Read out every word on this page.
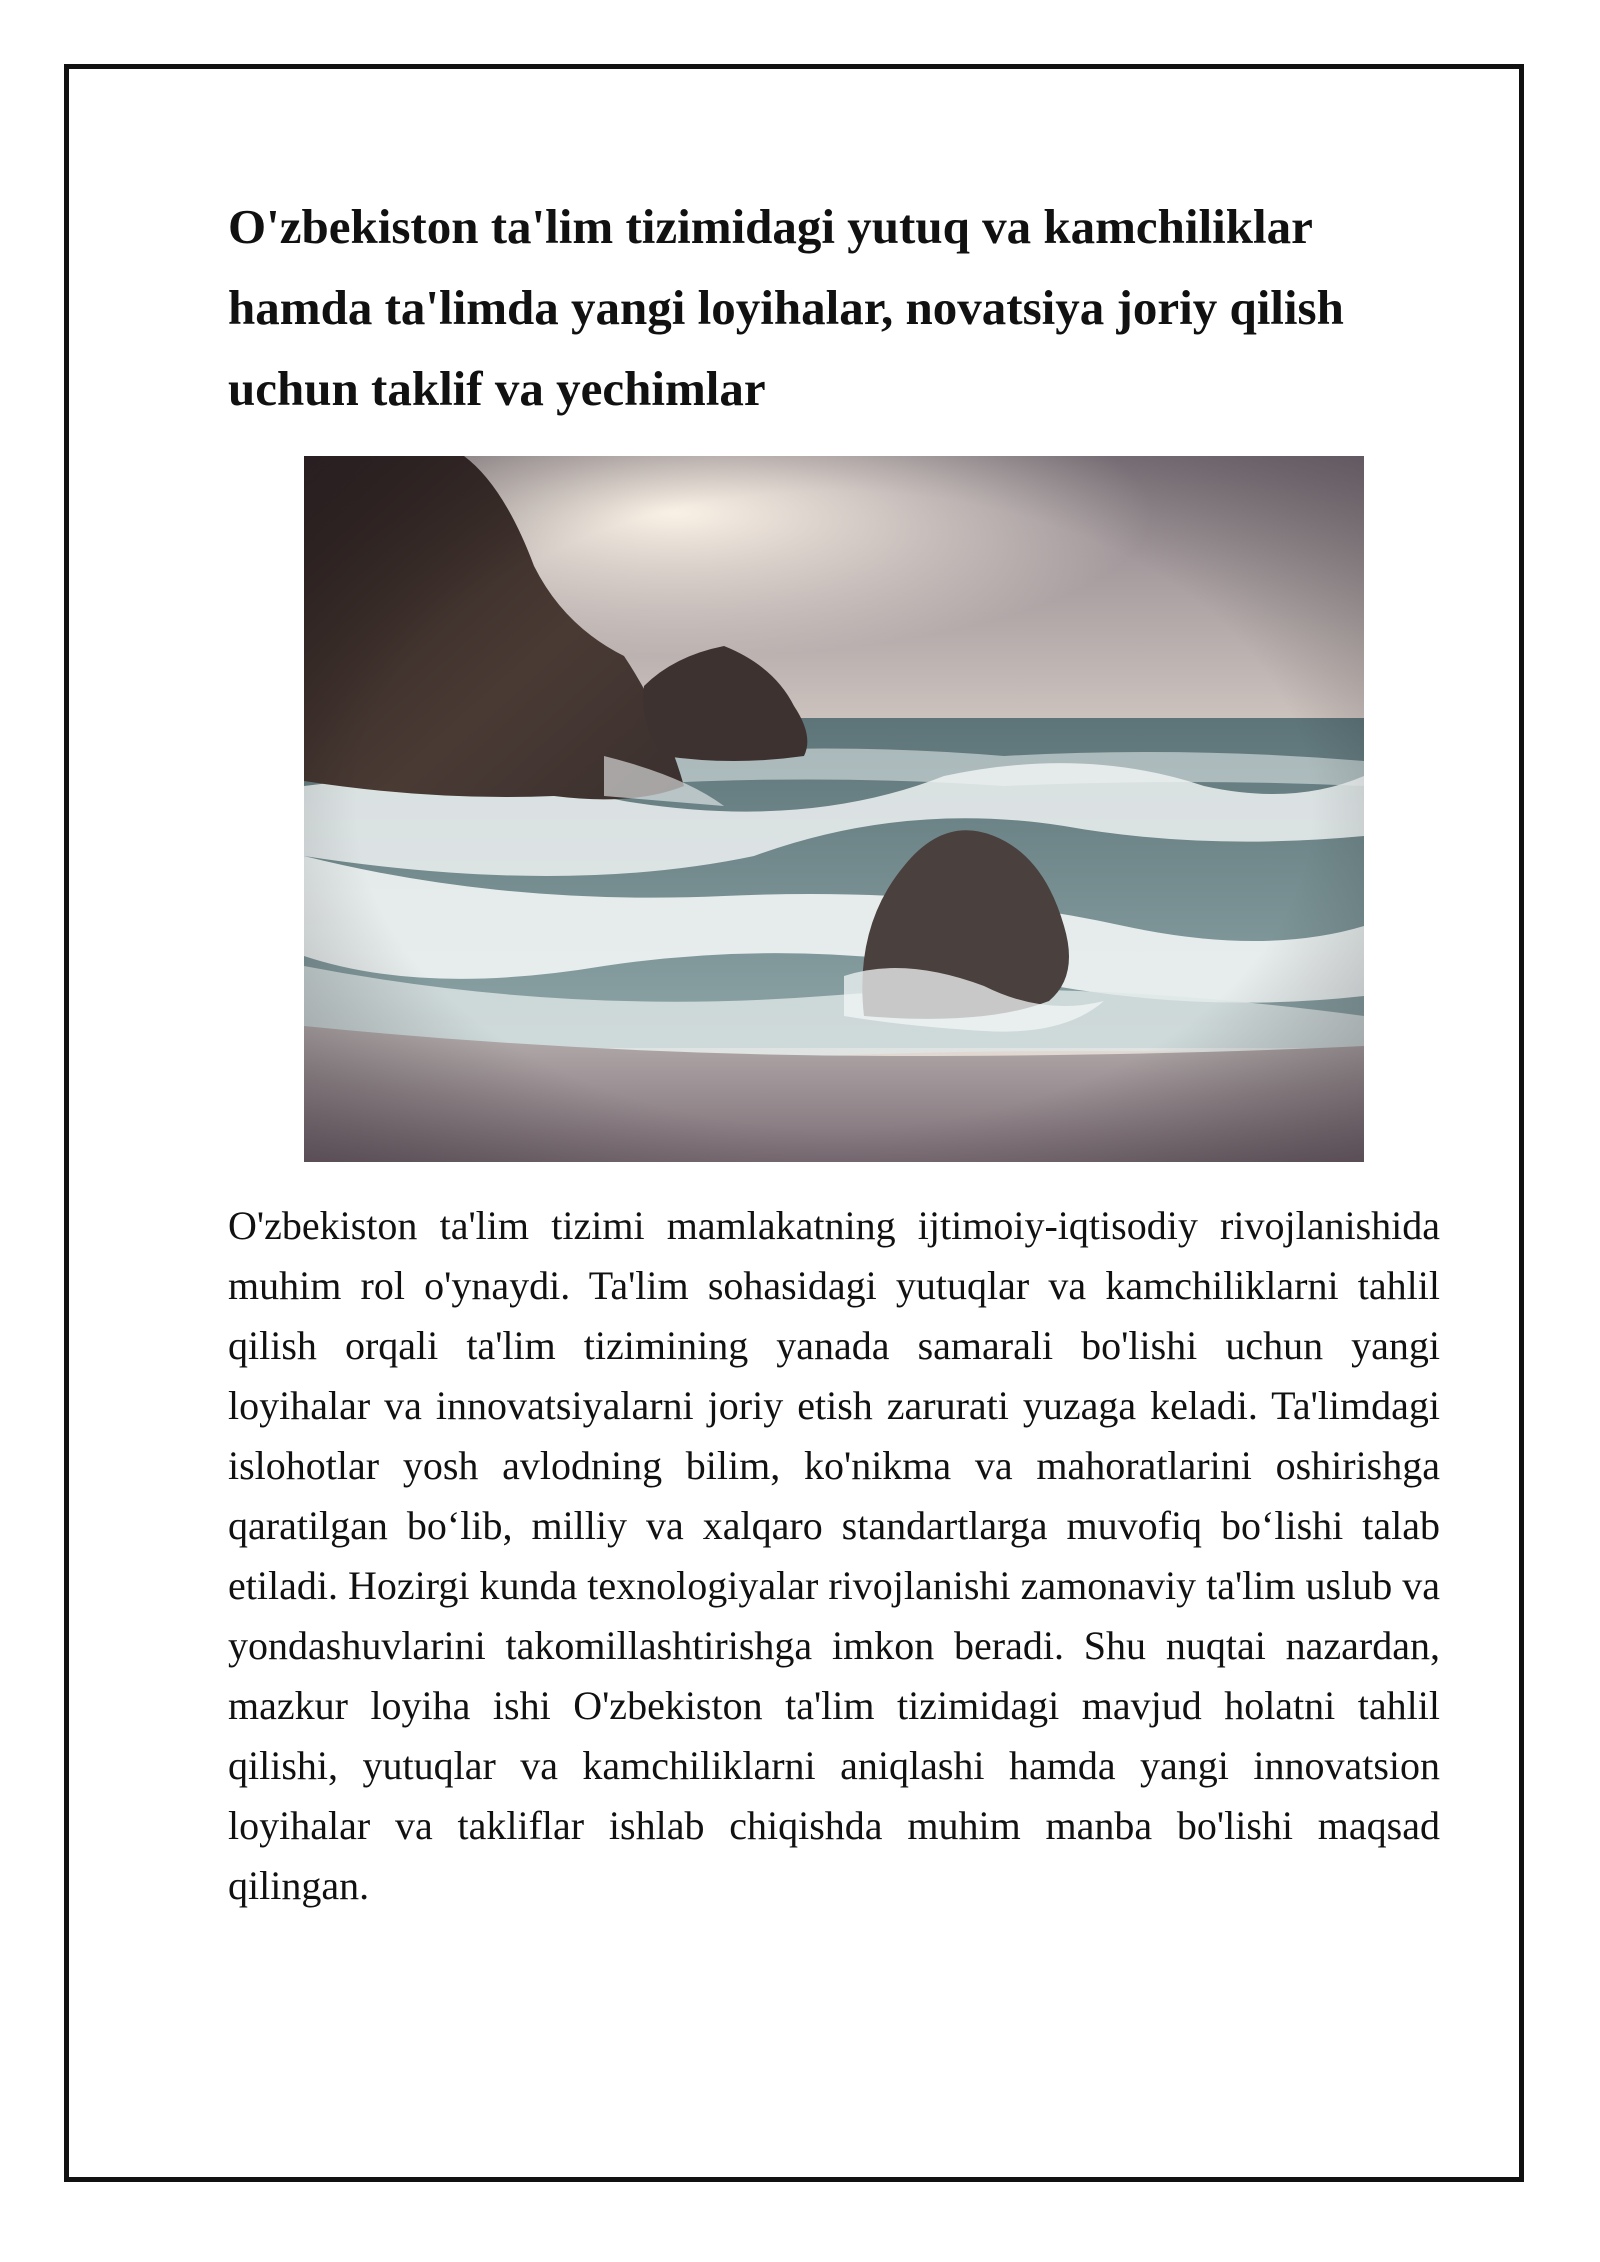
O'zbekiston ta'lim tizimidagi yutuq va kamchiliklar hamda ta'limda yangi loyihalar, novatsiya joriy qilish uchun taklif va yechimlar

O'zbekiston ta'lim tizimi mamlakatning ijtimoiy-iqtisodiy rivojlanishida muhim rol o'ynaydi. Ta'lim sohasidagi yutuqlar va kamchiliklarni tahlil qilish orqali ta'lim tizimining yanada samarali bo'lishi uchun yangi loyihalar va innovatsiyalarni joriy etish zarurati yuzaga keladi. Ta'limdagi islohotlar yosh avlodning bilim, ko'nikma va mahoratlarini oshirishga qaratilgan bo‘lib, milliy va xalqaro standartlarga muvofiq bo‘lishi talab etiladi. Hozirgi kunda texnologiyalar rivojlanishi zamonaviy ta'lim uslub va yondashuvlarini takomillashtirishga imkon beradi. Shu nuqtai nazardan, mazkur loyiha ishi O'zbekiston ta'lim tizimidagi mavjud holatni tahlil qilishi, yutuqlar va kamchiliklarni aniqlashi hamda yangi innovatsion loyihalar va takliflar ishlab chiqishda muhim manba bo'lishi maqsad qilingan.
